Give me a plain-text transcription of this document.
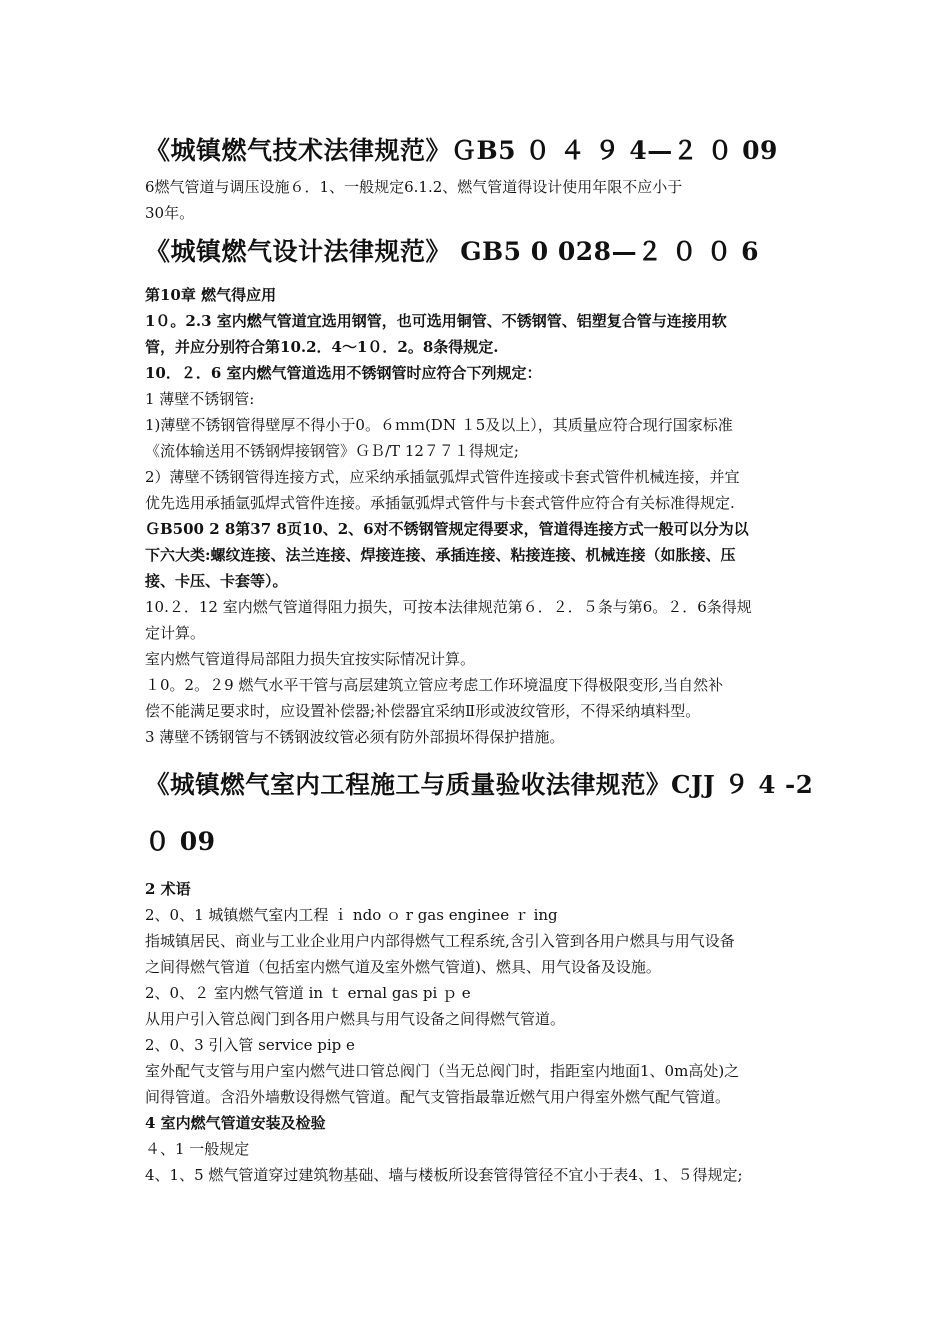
《城镇燃气技术法律规范》ＧB5 ０ ４ ９ 4—２ ０ 09
6燃气管道与调压设施６．1、一般规定6.1.2、燃气管道得设计使用年限不应小于
30年。
《城镇燃气设计法律规范》 GB5 0 028—２ ０ ０ 6
第10章 燃气得应用
1０。2.3 室内燃气管道宜选用钢管，也可选用铜管、不锈钢管、铝塑复合管与连接用软
管，并应分别符合第10.2．4～1０．2。8条得规定.
10．２．6 室内燃气管道选用不锈钢管时应符合下列规定：
1 薄壁不锈钢管:
1)薄壁不锈钢管得壁厚不得小于0。６ｍｍ(DN １5及以上），其质量应符合现行国家标准
《流体输送用不锈钢焊接钢管》ＧＢ/T 12７７１得规定;
2）薄壁不锈钢管得连接方式，应采纳承插氩弧焊式管件连接或卡套式管件机械连接，并宜
优先选用承插氩弧焊式管件连接。承插氩弧焊式管件与卡套式管件应符合有关标准得规定.
ＧB500 2 8第37 8页10、2、6对不锈钢管规定得要求，管道得连接方式一般可以分为以
下六大类:螺纹连接、法兰连接、焊接连接、承插连接、粘接连接、机械连接（如胀接、压
接、卡压、卡套等）。
10.２．12 室内燃气管道得阻力损失，可按本法律规范第６．２．５条与第6。２．6条得规
定计算。
室内燃气管道得局部阻力损失宜按实际情况计算。
１0。2。２9 燃气水平干管与高层建筑立管应考虑工作环境温度下得极限变形,当自然补
偿不能满足要求时，应设置补偿器;补偿器宜采纳Ⅱ形或波纹管形，不得采纳填料型。
3 薄壁不锈钢管与不锈钢波纹管必须有防外部损坏得保护措施。
《城镇燃气室内工程施工与质量验收法律规范》CJJ ９ 4 -2
０ 09
2 术语
2、0、1 城镇燃气室内工程 ｉ ndo ｏ r gas enginee ｒ ing
指城镇居民、商业与工业企业用户内部得燃气工程系统,含引入管到各用户燃具与用气设备
之间得燃气管道（包括室内燃气道及室外燃气管道)、燃具、用气设备及设施。
2、0、２ 室内燃气管道 in ｔ ernal gas pi ｐ e
从用户引入管总阀门到各用户燃具与用气设备之间得燃气管道。
2、0、3 引入管 service pip e
室外配气支管与用户室内燃气进口管总阀门（当无总阀门时，指距室内地面1、0m高处)之
间得管道。含沿外墙敷设得燃气管道。配气支管指最靠近燃气用户得室外燃气配气管道。
4 室内燃气管道安装及检验
４、1 一般规定
4、1、5 燃气管道穿过建筑物基础、墙与楼板所设套管得管径不宜小于表4、1、５得规定;
